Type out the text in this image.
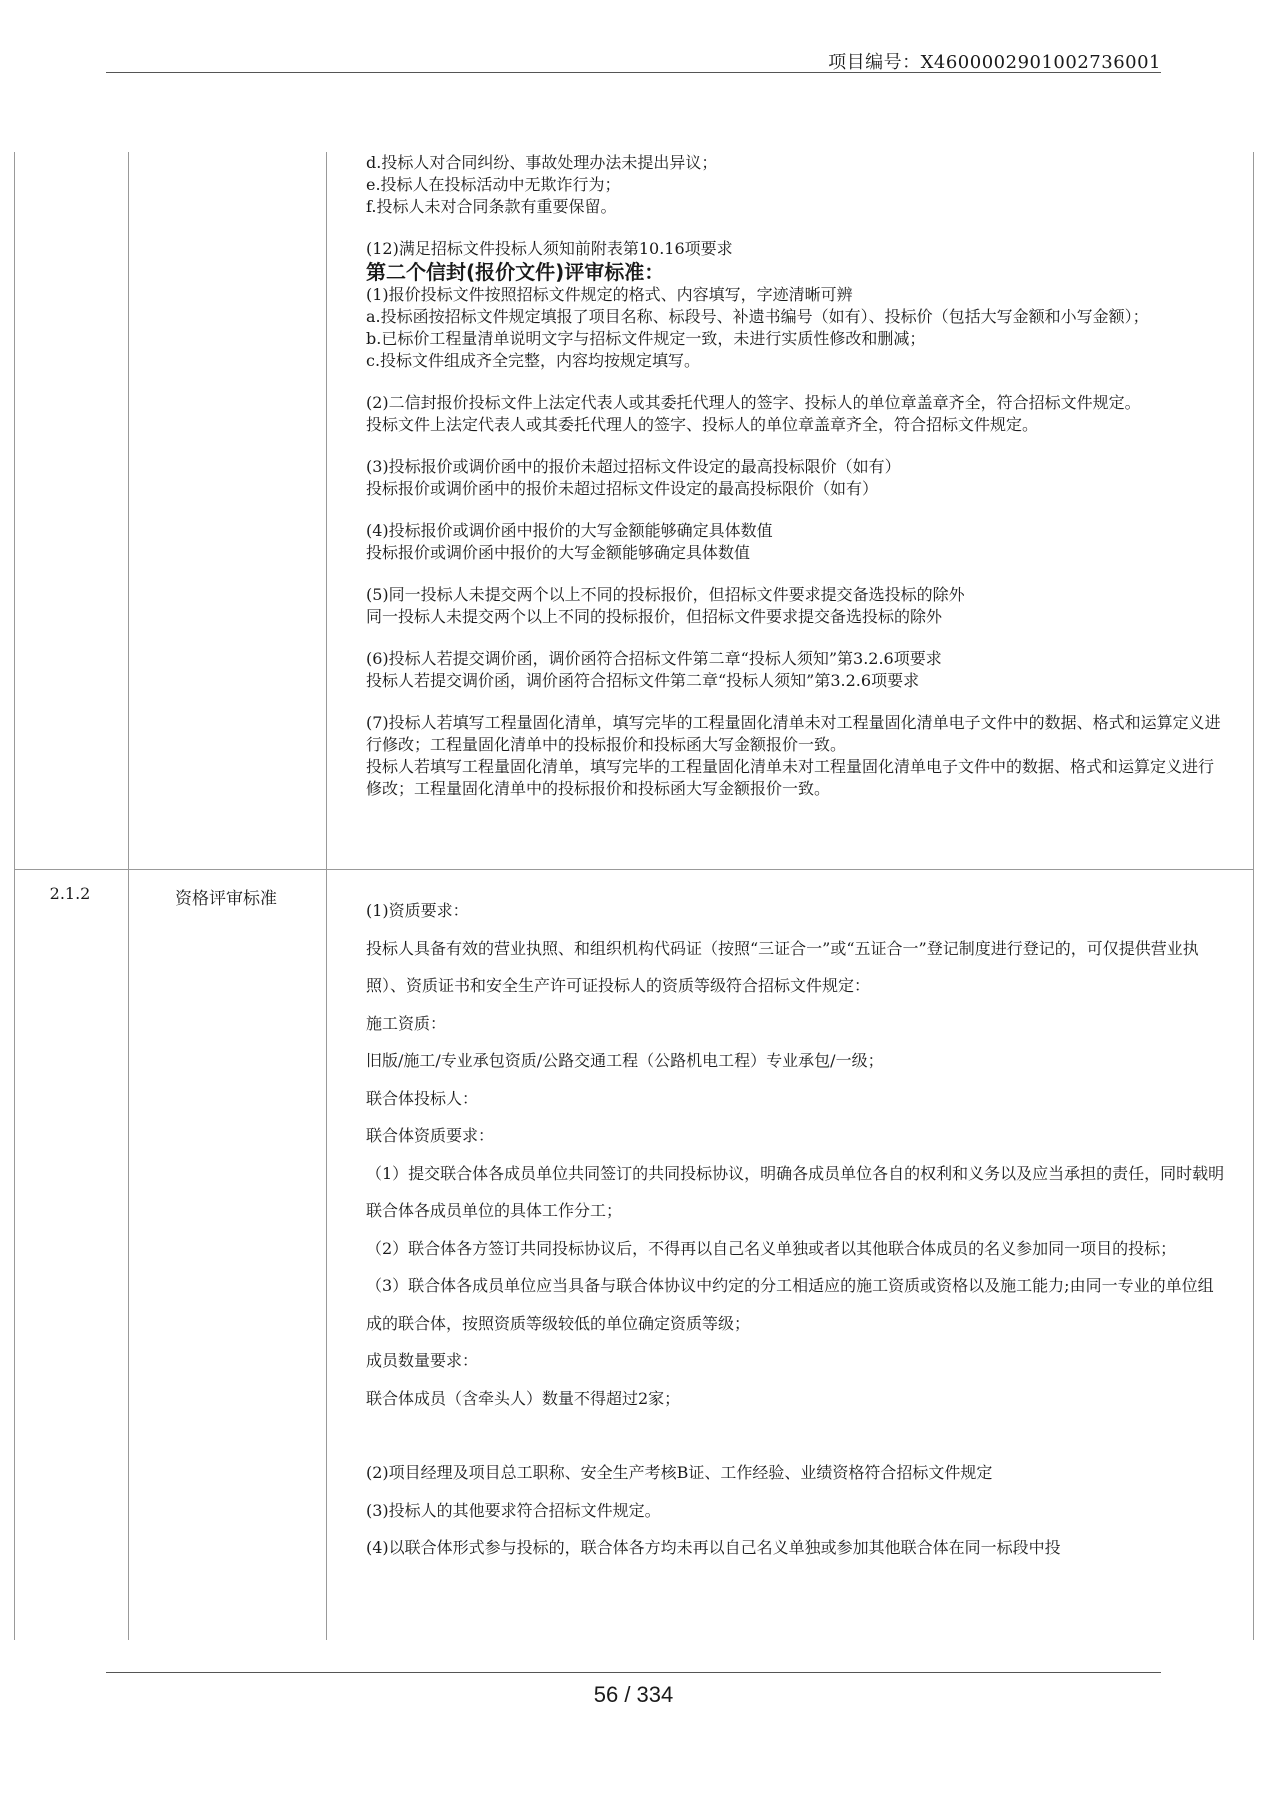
项目编号：X4600002901002736001

d.投标人对合同纠纷、事故处理办法未提出异议；

e.投标人在投标活动中无欺诈行为；

f.投标人未对合同条款有重要保留。

(12)满足招标文件投标人须知前附表第10.16项要求

第二个信封(报价文件)评审标准：

(1)报价投标文件按照招标文件规定的格式、内容填写，字迹清晰可辨

a.投标函按招标文件规定填报了项目名称、标段号、补遗书编号（如有）、投标价（包括大写金额和小写金额）；

b.已标价工程量清单说明文字与招标文件规定一致，未进行实质性修改和删减；

c.投标文件组成齐全完整，内容均按规定填写。

(2)二信封报价投标文件上法定代表人或其委托代理人的签字、投标人的单位章盖章齐全，符合招标文件规定。

投标文件上法定代表人或其委托代理人的签字、投标人的单位章盖章齐全，符合招标文件规定。

(3)投标报价或调价函中的报价未超过招标文件设定的最高投标限价（如有）

投标报价或调价函中的报价未超过招标文件设定的最高投标限价（如有）

(4)投标报价或调价函中报价的大写金额能够确定具体数值

投标报价或调价函中报价的大写金额能够确定具体数值

(5)同一投标人未提交两个以上不同的投标报价，但招标文件要求提交备选投标的除外

同一投标人未提交两个以上不同的投标报价，但招标文件要求提交备选投标的除外

(6)投标人若提交调价函，调价函符合招标文件第二章“投标人须知”第3.2.6项要求

投标人若提交调价函，调价函符合招标文件第二章“投标人须知”第3.2.6项要求

(7)投标人若填写工程量固化清单，填写完毕的工程量固化清单未对工程量固化清单电子文件中的数据、格式和运算定义进行修改；工程量固化清单中的投标报价和投标函大写金额报价一致。

投标人若填写工程量固化清单，填写完毕的工程量固化清单未对工程量固化清单电子文件中的数据、格式和运算定义进行修改；工程量固化清单中的投标报价和投标函大写金额报价一致。

2.1.2	资格评审标准

(1)资质要求：

投标人具备有效的营业执照、和组织机构代码证（按照“三证合一”或“五证合一”登记制度进行登记的，可仅提供营业执照）、资质证书和安全生产许可证投标人的资质等级符合招标文件规定：

施工资质：

旧版/施工/专业承包资质/公路交通工程（公路机电工程）专业承包/一级；

联合体投标人：

联合体资质要求：

（1）提交联合体各成员单位共同签订的共同投标协议，明确各成员单位各自的权利和义务以及应当承担的责任，同时载明联合体各成员单位的具体工作分工；

（2）联合体各方签订共同投标协议后，不得再以自己名义单独或者以其他联合体成员的名义参加同一项目的投标；

（3）联合体各成员单位应当具备与联合体协议中约定的分工相适应的施工资质或资格以及施工能力;由同一专业的单位组成的联合体，按照资质等级较低的单位确定资质等级；

成员数量要求：

联合体成员（含牵头人）数量不得超过2家；

(2)项目经理及项目总工职称、安全生产考核B证、工作经验、业绩资格符合招标文件规定

(3)投标人的其他要求符合招标文件规定。

(4)以联合体形式参与投标的，联合体各方均未再以自己名义单独或参加其他联合体在同一标段中投

56 / 334
